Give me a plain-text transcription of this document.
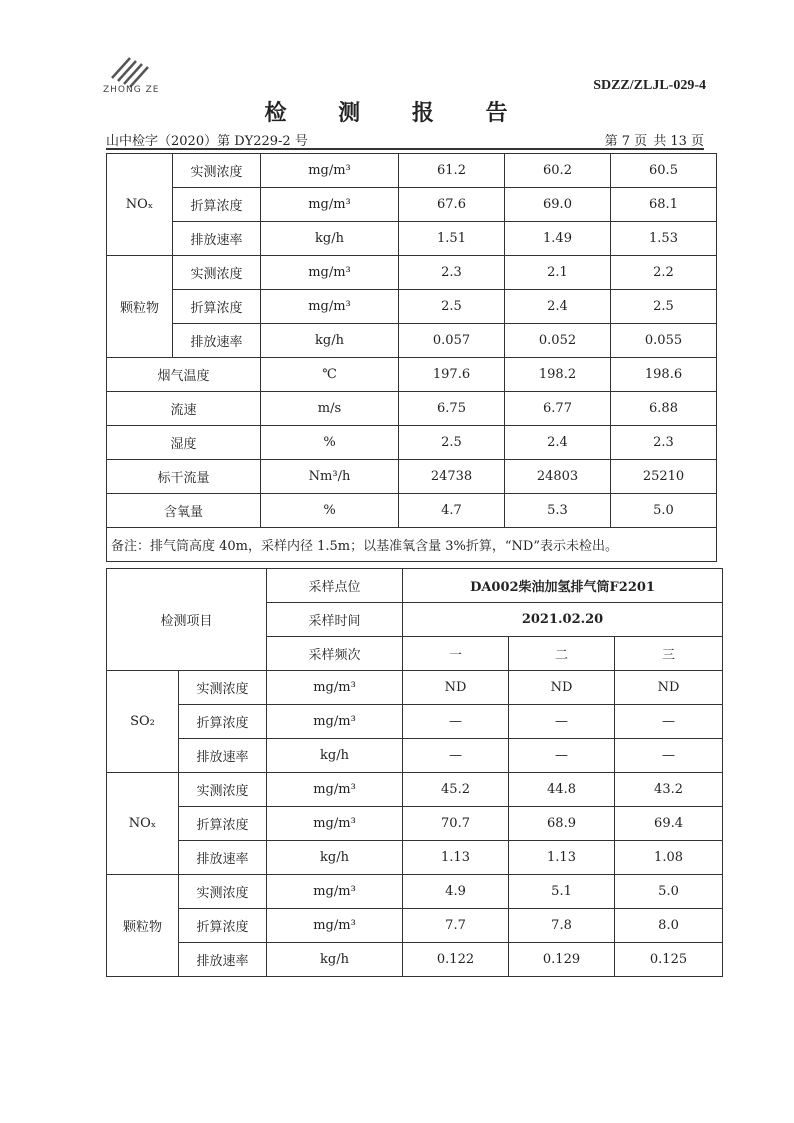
ZHONG ZE	SDZZ/ZLJL-029-4
检 测 报 告
山中检字（2020）第 DY229-2 号	第 7 页 共 13 页
NOₓ	实测浓度	mg/m³	61.2	60.2	60.5
	折算浓度	mg/m³	67.6	69.0	68.1
	排放速率	kg/h	1.51	1.49	1.53
颗粒物	实测浓度	mg/m³	2.3	2.1	2.2
	折算浓度	mg/m³	2.5	2.4	2.5
	排放速率	kg/h	0.057	0.052	0.055
烟气温度		℃	197.6	198.2	198.6
流速		m/s	6.75	6.77	6.88
湿度		%	2.5	2.4	2.3
标干流量		Nm³/h	24738	24803	25210
含氧量		%	4.7	5.3	5.0
备注：排气筒高度 40m，采样内径 1.5m；以基准氧含量 3%折算，“ND”表示未检出。					
检测项目		采样点位	DA002柴油加氢排气筒F2201		
		采样时间	2021.02.20		
		采样频次	一	二	三
SO₂	实测浓度	mg/m³	ND	ND	ND
	折算浓度	mg/m³	—	—	—
	排放速率	kg/h	—	—	—
NOₓ	实测浓度	mg/m³	45.2	44.8	43.2
	折算浓度	mg/m³	70.7	68.9	69.4
	排放速率	kg/h	1.13	1.13	1.08
颗粒物	实测浓度	mg/m³	4.9	5.1	5.0
	折算浓度	mg/m³	7.7	7.8	8.0
	排放速率	kg/h	0.122	0.129	0.125
